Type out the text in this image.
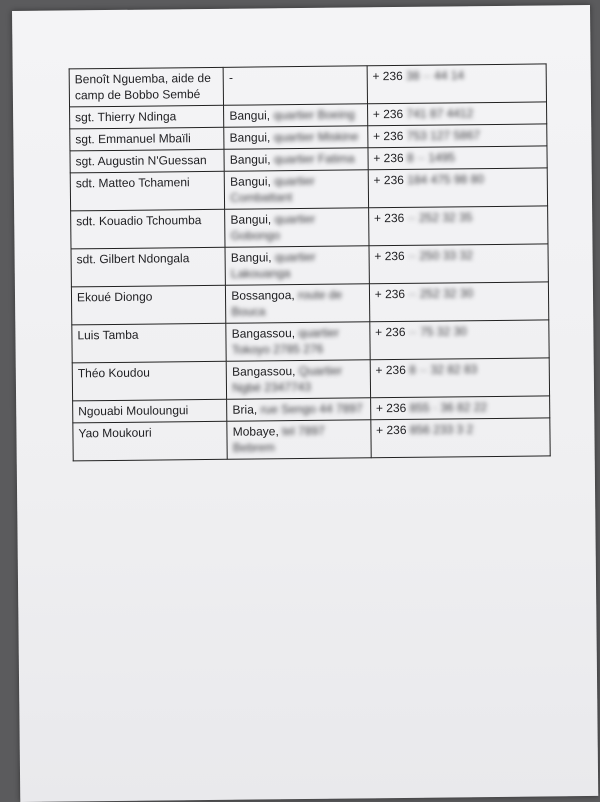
Benoît Nguemba, aide de camp de Bobbo Sembé	-	+ 236 38 ·· 44 14
sgt. Thierry Ndinga	Bangui, quartier Boeing	+ 236 741 87 4412
sgt. Emmanuel Mbaïli	Bangui, quartier Miskine	+ 236 753 127 5867
sgt. Augustin N'Guessan	Bangui, quartier Fatima	+ 236 8 ·· 1495
sdt. Matteo Tchameni	Bangui, quartier Combattant	+ 236 184 475 98 80
sdt. Kouadio Tchoumba	Bangui, quartier Gobongo	+ 236 ·· 252 32 35
sdt. Gilbert Ndongala	Bangui, quartier Lakouanga	+ 236 ·· 250 33 32
Ekoué Diongo	Bossangoa, route de Bouca	+ 236 ·· 252 32 30
Luis Tamba	Bangassou, quartier Tokoyo 2785 276	+ 236 ·· 75 32 30
Théo Koudou	Bangassou, Quartier Ngbé 2347743	+ 236 8 ·· 32 82 83
Ngouabi Mouloungui	Bria, rue Sengo 44 7897	+ 236 855 · 36 82 22
Yao Moukouri	Mobaye, tel 7897 Bebrem	+ 236 856 233 3 2
